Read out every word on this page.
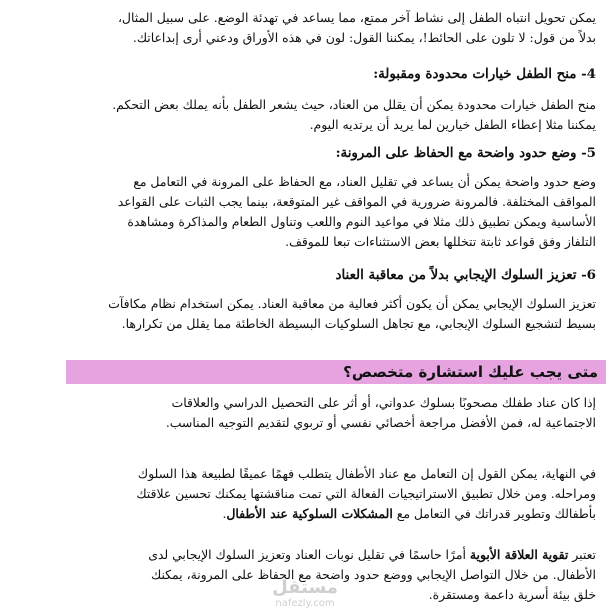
يمكن تحويل انتباه الطفل إلى نشاط آخر ممتع، مما يساعد في تهدئة الوضع. على سبيل المثال،
بدلاً من قول: لا تلون على الحائط!، يمكننا القول: لون في هذه الأوراق ودعني أرى إبداعاتك.
4- منح الطفل خيارات محدودة ومقبولة:
منح الطفل خيارات محدودة يمكن أن يقلل من العناد، حيث يشعر الطفل بأنه يملك بعض التحكم.
يمكننا مثلا إعطاء الطفل خيارين لما يريد أن يرتديه اليوم.
5- وضع حدود واضحة مع الحفاظ على المرونة:
وضع حدود واضحة يمكن أن يساعد في تقليل العناد، مع الحفاظ على المرونة في التعامل مع
المواقف المختلفة. فالمرونة ضرورية في المواقف غير المتوقعة، بينما يجب الثبات على القواعد
الأساسية ويمكن تطبيق ذلك مثلا في مواعيد النوم واللعب وتناول الطعام والمذاكرة ومشاهدة
التلفاز وفق قواعد ثابتة تتخللها بعض الاستثناءات تبعا للموقف.
6- تعزيز السلوك الإيجابي بدلاً من معاقبة العناد
تعزيز السلوك الإيجابي يمكن أن يكون أكثر فعالية من معاقبة العناد. يمكن استخدام نظام مكافآت
بسيط لتشجيع السلوك الإيجابي، مع تجاهل السلوكيات البسيطة الخاطئة مما يقلل من تكرارها.
متى يجب عليك استشارة متخصص؟
إذا كان عناد طفلك مصحوبًا بسلوك عدواني، أو أثر على التحصيل الدراسي والعلاقات
الاجتماعية له، فمن الأفضل مراجعة أخصائي نفسي أو تربوي لتقديم التوجيه المناسب.
في النهاية، يمكن القول إن التعامل مع عناد الأطفال يتطلب فهمًا عميقًا لطبيعة هذا السلوك
ومراحله. ومن خلال تطبيق الاستراتيجيات الفعالة التي تمت مناقشتها يمكنك تحسين علاقتك
بأطفالك وتطوير قدراتك في التعامل مع المشكلات السلوكية عند الأطفال.
تعتبر تقوية العلاقة الأبوية أمرًا حاسمًا في تقليل نوبات العناد وتعزيز السلوك الإيجابي لدى
الأطفال. من خلال التواصل الإيجابي ووضع حدود واضحة مع الحفاظ على المرونة، يمكنك
خلق بيئة أسرية داعمة ومستقرة.
مستقل
nafezly.com
